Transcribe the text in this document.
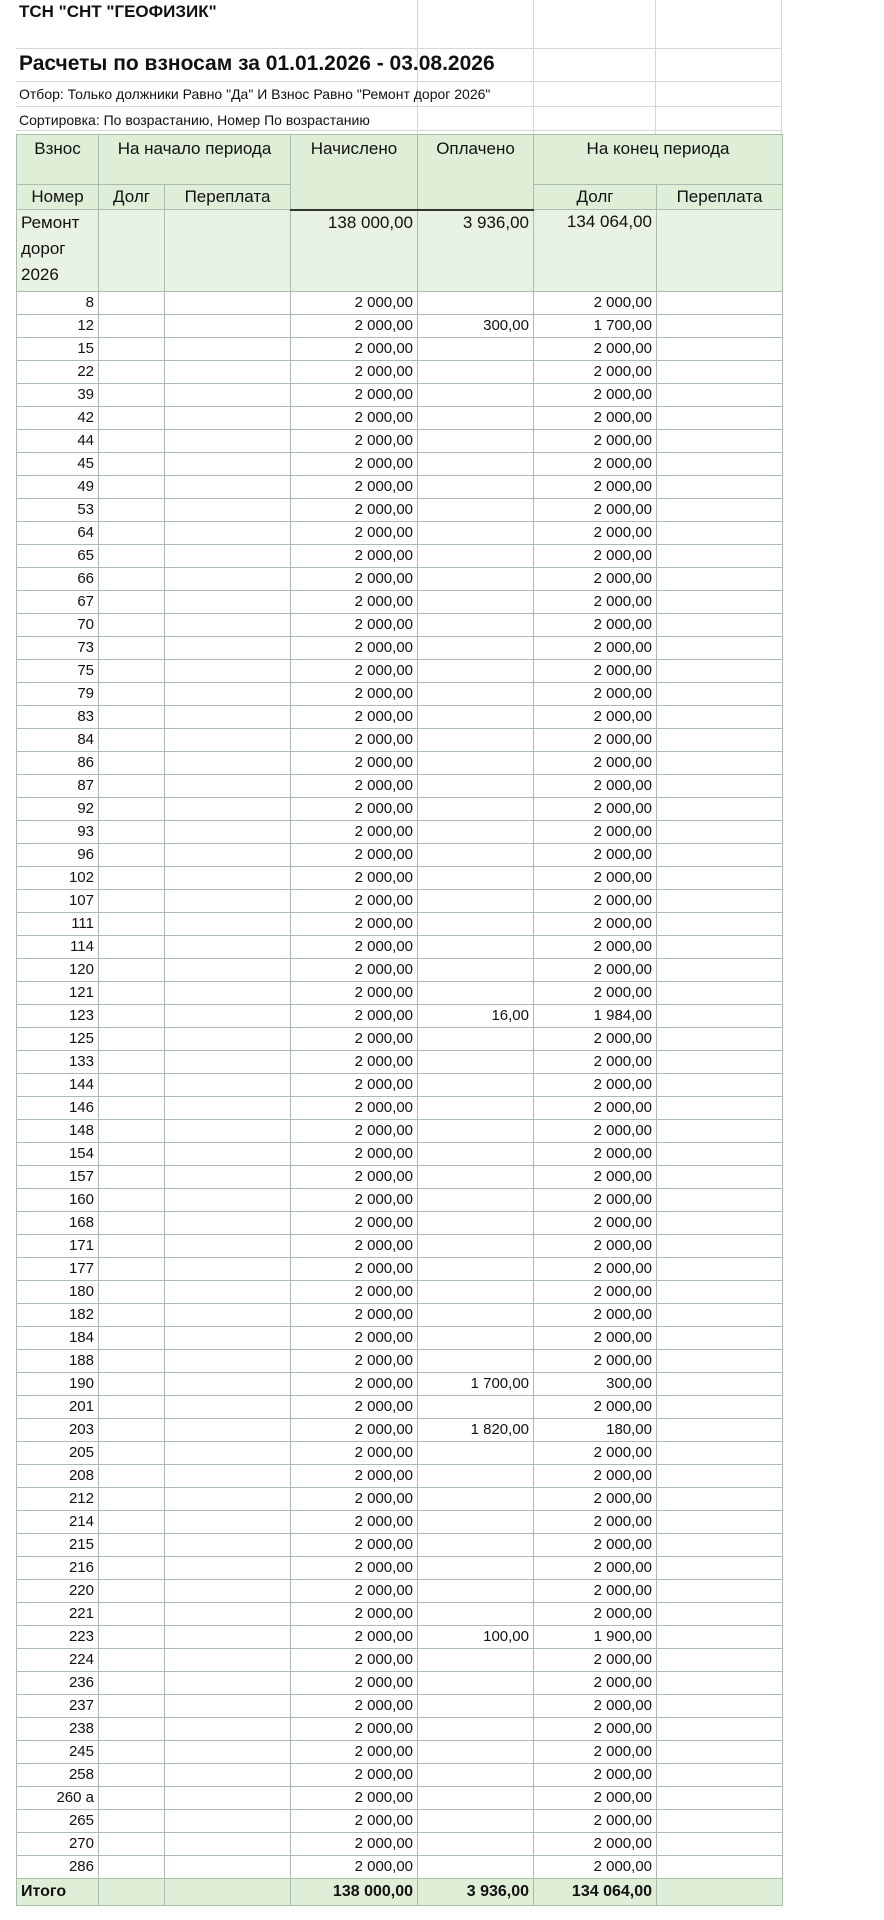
ТСН "СНТ "ГЕОФИЗИК"
Расчеты по взносам за 01.01.2026 - 03.08.2026
Отбор: Только должники Равно "Да" И Взнос Равно "Ремонт дорог 2026"
Сортировка: По возрастанию, Номер По возрастанию
Взнос	На начало периода		Начислено	Оплачено	На конец периода	
Номер	Долг	Переплата			Долг	Переплата
Ремонт дорог 2026			138 000,00	3 936,00	134 064,00	
8			2 000,00		2 000,00	
12			2 000,00	300,00	1 700,00	
15			2 000,00		2 000,00	
22			2 000,00		2 000,00	
39			2 000,00		2 000,00	
42			2 000,00		2 000,00	
44			2 000,00		2 000,00	
45			2 000,00		2 000,00	
49			2 000,00		2 000,00	
53			2 000,00		2 000,00	
64			2 000,00		2 000,00	
65			2 000,00		2 000,00	
66			2 000,00		2 000,00	
67			2 000,00		2 000,00	
70			2 000,00		2 000,00	
73			2 000,00		2 000,00	
75			2 000,00		2 000,00	
79			2 000,00		2 000,00	
83			2 000,00		2 000,00	
84			2 000,00		2 000,00	
86			2 000,00		2 000,00	
87			2 000,00		2 000,00	
92			2 000,00		2 000,00	
93			2 000,00		2 000,00	
96			2 000,00		2 000,00	
102			2 000,00		2 000,00	
107			2 000,00		2 000,00	
111			2 000,00		2 000,00	
114			2 000,00		2 000,00	
120			2 000,00		2 000,00	
121			2 000,00		2 000,00	
123			2 000,00	16,00	1 984,00	
125			2 000,00		2 000,00	
133			2 000,00		2 000,00	
144			2 000,00		2 000,00	
146			2 000,00		2 000,00	
148			2 000,00		2 000,00	
154			2 000,00		2 000,00	
157			2 000,00		2 000,00	
160			2 000,00		2 000,00	
168			2 000,00		2 000,00	
171			2 000,00		2 000,00	
177			2 000,00		2 000,00	
180			2 000,00		2 000,00	
182			2 000,00		2 000,00	
184			2 000,00		2 000,00	
188			2 000,00		2 000,00	
190			2 000,00	1 700,00	300,00	
201			2 000,00		2 000,00	
203			2 000,00	1 820,00	180,00	
205			2 000,00		2 000,00	
208			2 000,00		2 000,00	
212			2 000,00		2 000,00	
214			2 000,00		2 000,00	
215			2 000,00		2 000,00	
216			2 000,00		2 000,00	
220			2 000,00		2 000,00	
221			2 000,00		2 000,00	
223			2 000,00	100,00	1 900,00	
224			2 000,00		2 000,00	
236			2 000,00		2 000,00	
237			2 000,00		2 000,00	
238			2 000,00		2 000,00	
245			2 000,00		2 000,00	
258			2 000,00		2 000,00	
260 а			2 000,00		2 000,00	
265			2 000,00		2 000,00	
270			2 000,00		2 000,00	
286			2 000,00		2 000,00	
Итого			138 000,00	3 936,00	134 064,00	
